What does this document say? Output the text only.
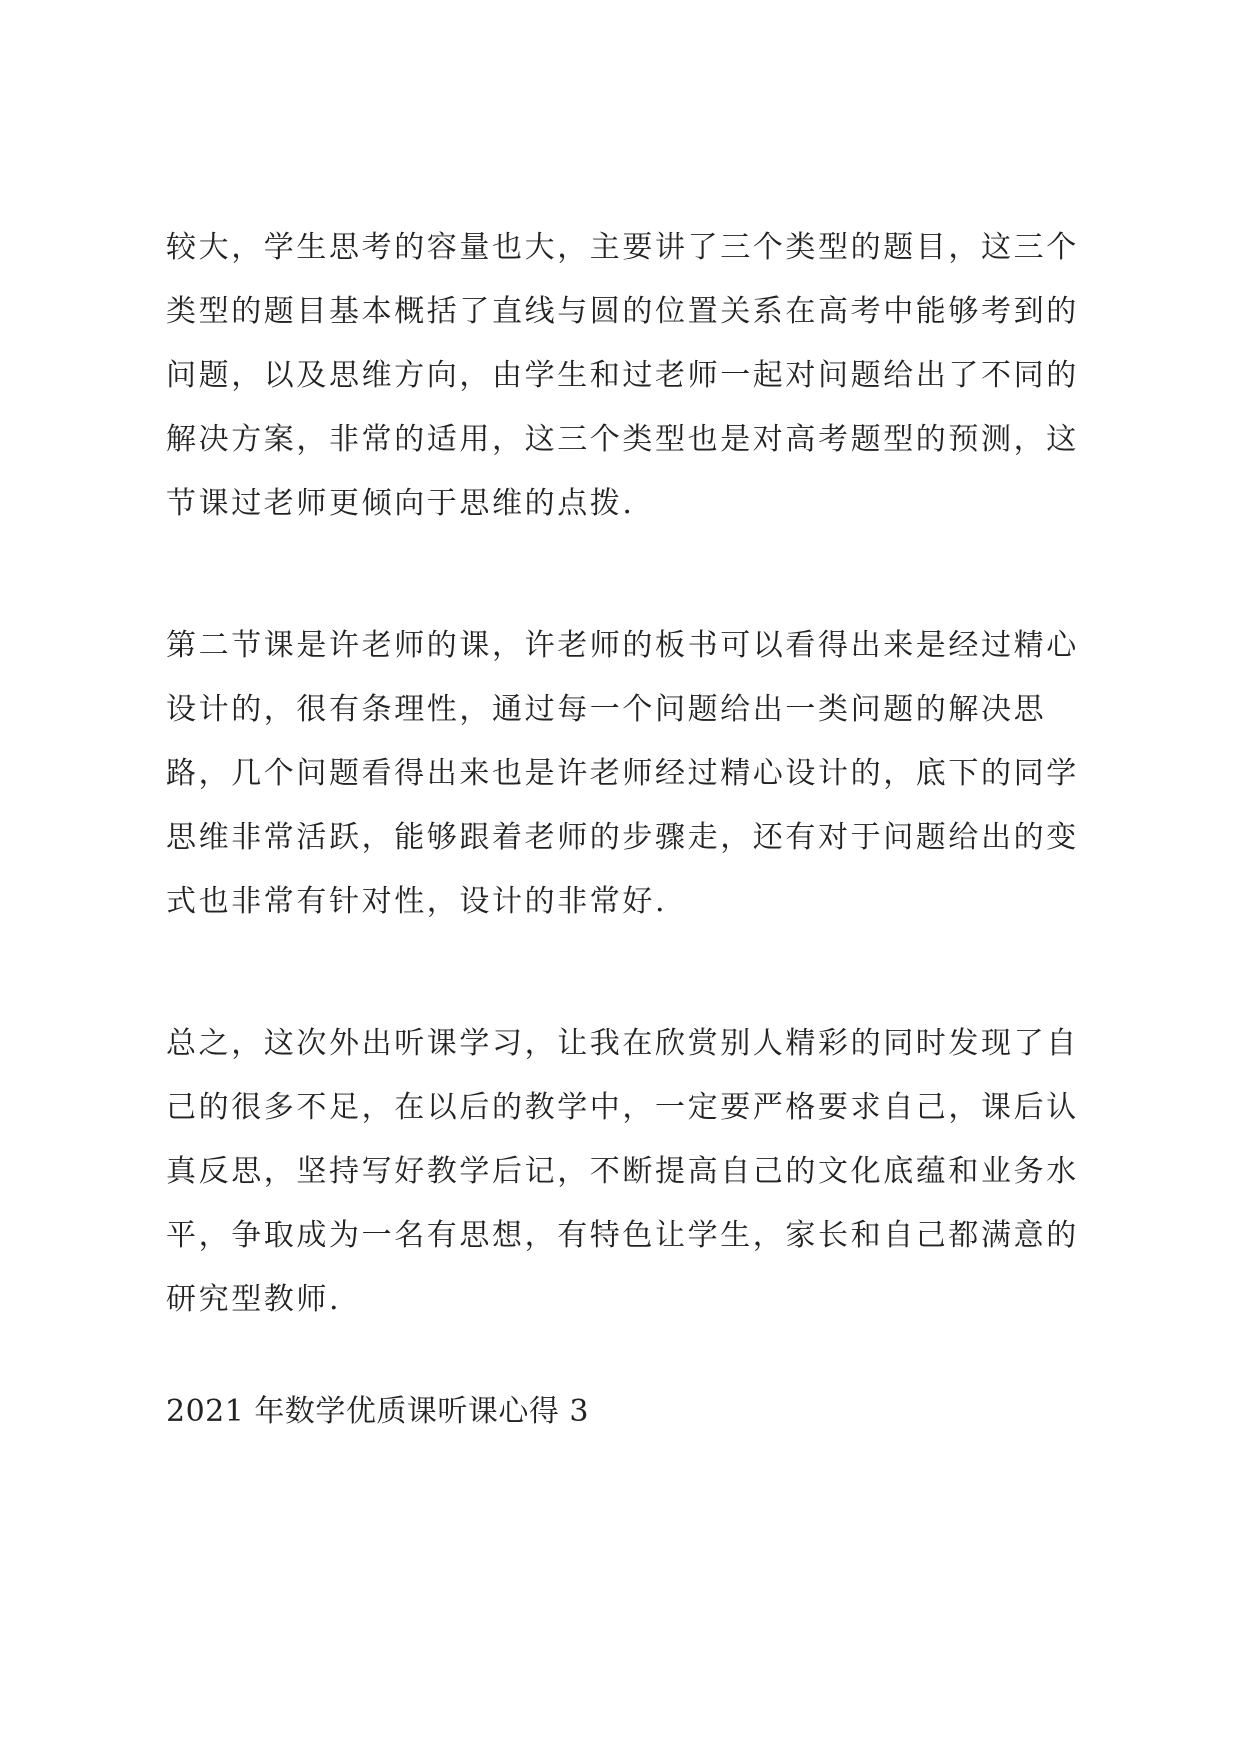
较大，学生思考的容量也大，主要讲了三个类型的题目，这三个
类型的题目基本概括了直线与圆的位置关系在高考中能够考到的
问题，以及思维方向，由学生和过老师一起对问题给出了不同的
解决方案，非常的适用，这三个类型也是对高考题型的预测，这
节课过老师更倾向于思维的点拨.
第二节课是许老师的课，许老师的板书可以看得出来是经过精心
设计的，很有条理性，通过每一个问题给出一类问题的解决思
路，几个问题看得出来也是许老师经过精心设计的，底下的同学
思维非常活跃，能够跟着老师的步骤走，还有对于问题给出的变
式也非常有针对性，设计的非常好.
总之，这次外出听课学习，让我在欣赏别人精彩的同时发现了自
己的很多不足，在以后的教学中，一定要严格要求自己，课后认
真反思，坚持写好教学后记，不断提高自己的文化底蕴和业务水
平，争取成为一名有思想，有特色让学生，家长和自己都满意的
研究型教师.
2021 年数学优质课听课心得 3
